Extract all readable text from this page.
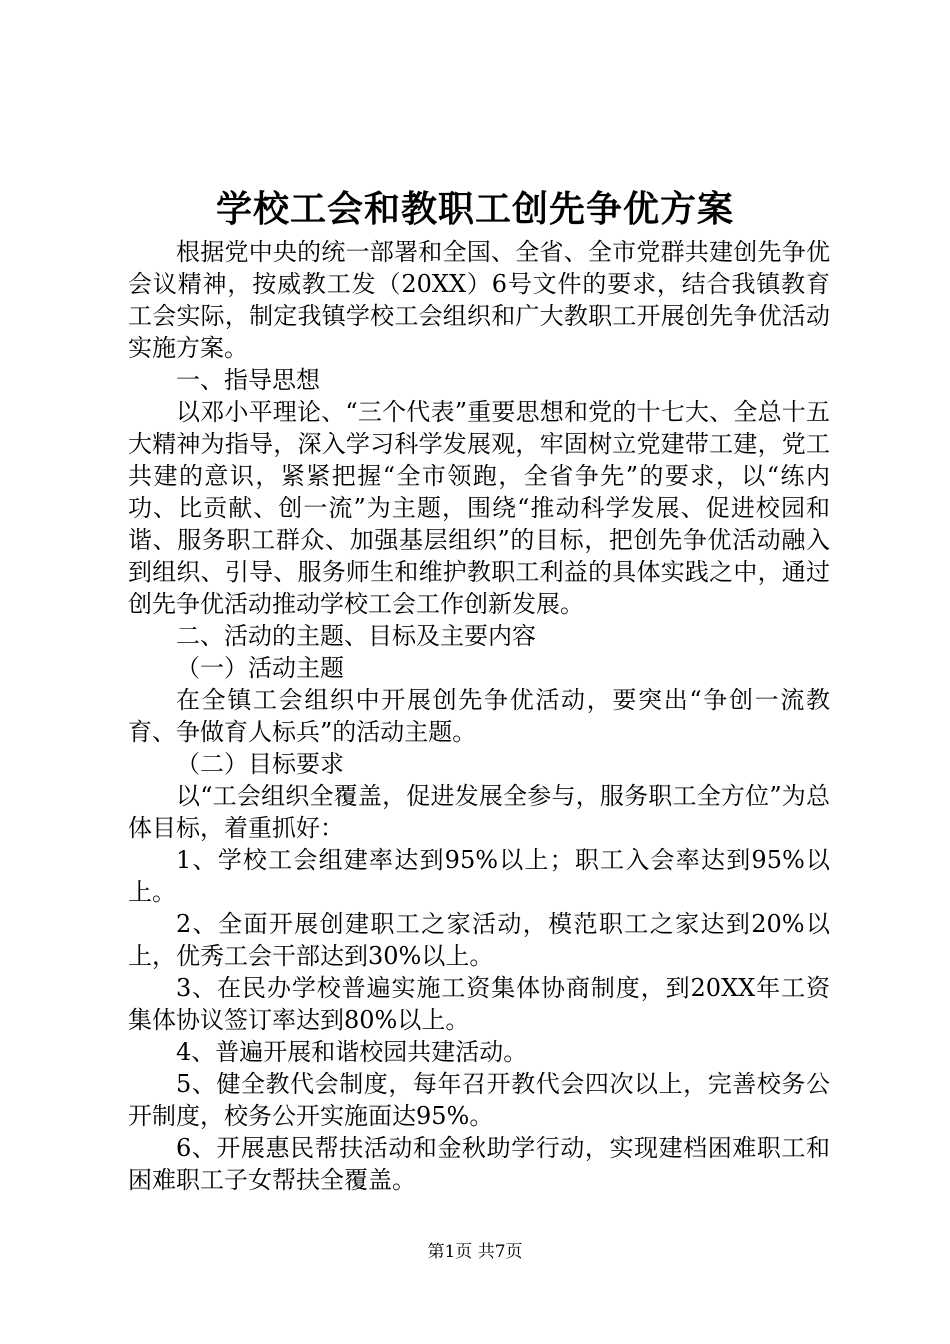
学校工会和教职工创先争优方案

根据党中央的统一部署和全国、全省、全市党群共建创先争优会议精神，按威教工发（20XX）6号文件的要求，结合我镇教育工会实际，制定我镇学校工会组织和广大教职工开展创先争优活动实施方案。

一、指导思想

以邓小平理论、“三个代表”重要思想和党的十七大、全总十五大精神为指导，深入学习科学发展观，牢固树立党建带工建，党工共建的意识，紧紧把握“全市领跑，全省争先”的要求，以“练内功、比贡献、创一流”为主题，围绕“推动科学发展、促进校园和谐、服务职工群众、加强基层组织”的目标，把创先争优活动融入到组织、引导、服务师生和维护教职工利益的具体实践之中，通过创先争优活动推动学校工会工作创新发展。

二、活动的主题、目标及主要内容

（一）活动主题

在全镇工会组织中开展创先争优活动，要突出“争创一流教育、争做育人标兵”的活动主题。

（二）目标要求

以“工会组织全覆盖，促进发展全参与，服务职工全方位”为总体目标，着重抓好：

1、学校工会组建率达到95%以上；职工入会率达到95%以上。

2、全面开展创建职工之家活动，模范职工之家达到20%以上，优秀工会干部达到30%以上。

3、在民办学校普遍实施工资集体协商制度，到20XX年工资集体协议签订率达到80%以上。

4、普遍开展和谐校园共建活动。

5、健全教代会制度，每年召开教代会四次以上，完善校务公开制度，校务公开实施面达95%。

6、开展惠民帮扶活动和金秋助学行动，实现建档困难职工和困难职工子女帮扶全覆盖。

第1页 共7页
